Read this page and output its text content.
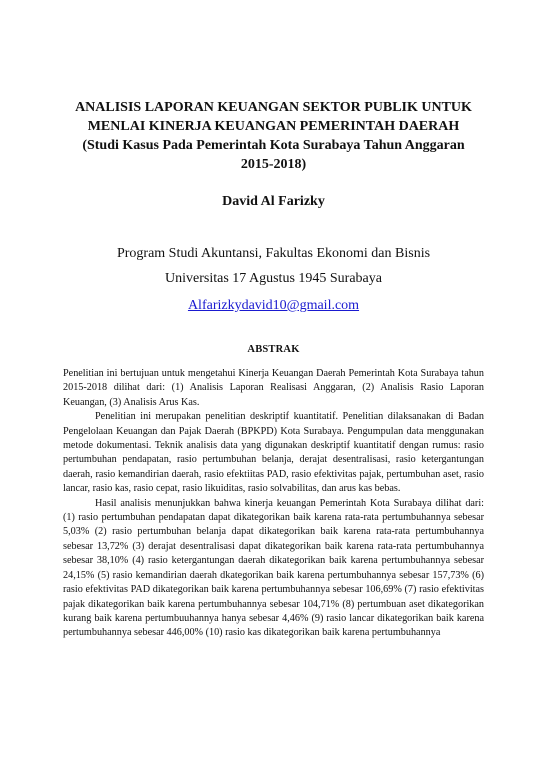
ANALISIS LAPORAN KEUANGAN SEKTOR PUBLIK UNTUK
MENLAI KINERJA KEUANGAN PEMERINTAH DAERAH
(Studi Kasus Pada Pemerintah Kota Surabaya Tahun Anggaran
2015-2018)
David Al Farizky
Program Studi Akuntansi, Fakultas Ekonomi dan Bisnis
Universitas 17 Agustus 1945 Surabaya
Alfarizkydavid10@gmail.com
ABSTRAK

Penelitian ini bertujuan untuk mengetahui Kinerja Keuangan Daerah Pemerintah Kota Surabaya tahun 2015-2018 dilihat dari: (1) Analisis Laporan Realisasi Anggaran, (2) Analisis Rasio Laporan Keuangan, (3) Analisis Arus Kas.

Penelitian ini merupakan penelitian deskriptif kuantitatif. Penelitian dilaksanakan di Badan Pengelolaan Keuangan dan Pajak Daerah (BPKPD) Kota Surabaya. Pengumpulan data menggunakan metode dokumentasi. Teknik analisis data yang digunakan deskriptif kuantitatif dengan rumus: rasio pertumbuhan pendapatan, rasio pertumbuhan belanja, derajat desentralisasi, rasio ketergantungan daerah, rasio kemandirian daerah, rasio efektiitas PAD, rasio efektivitas pajak, pertumbuhan aset, rasio lancar, rasio kas, rasio cepat, rasio likuiditas, rasio solvabilitas, dan arus kas bebas.

Hasil analisis menunjukkan bahwa kinerja keuangan Pemerintah Kota Surabaya dilihat dari: (1) rasio pertumbuhan pendapatan dapat dikategorikan baik karena rata-rata pertumbuhannya sebesar 5,03% (2) rasio pertumbuhan belanja dapat dikategorikan baik karena rata-rata pertumbuhannya sebesar 13,72% (3) derajat desentralisasi dapat dikategorikan baik karena rata-rata pertumbuhannya sebesar 38,10% (4) rasio ketergantungan daerah dikategorikan baik karena pertumbuhannya sebesar 24,15% (5) rasio kemandirian daerah dkategorikan baik karena pertumbuhannya sebesar 157,73% (6) rasio efektivitas PAD dikategorikan baik karena pertumbuhannya sebesar 106,69% (7) rasio efektivitas pajak dikategorikan baik karena pertumbuhannya sebesar 104,71% (8) pertumbuan aset dikategorikan kurang baik karena pertumbuuhannya hanya sebesar 4,46% (9) rasio lancar dikategorikan baik karena pertumbuhannya sebesar 446,00% (10) rasio kas dikategorikan baik karena pertumbuhannya
